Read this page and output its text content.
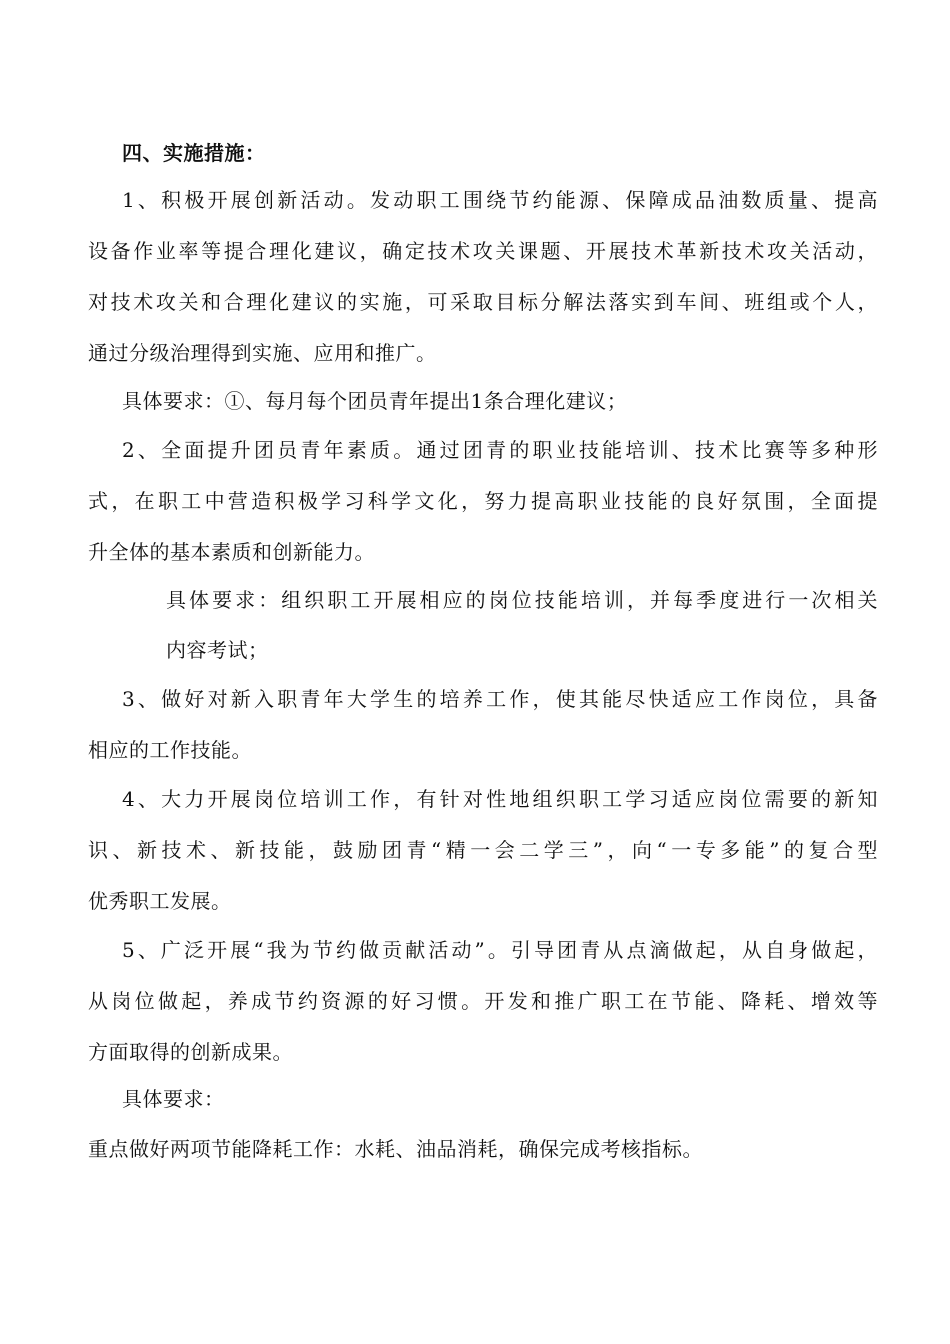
四、实施措施：
1、积极开展创新活动。发动职工围绕节约能源、保障成品油数质量、提高
设备作业率等提合理化建议，确定技术攻关课题、开展技术革新技术攻关活动，
对技术攻关和合理化建议的实施，可采取目标分解法落实到车间、班组或个人，
通过分级治理得到实施、应用和推广。
具体要求：①、每月每个团员青年提出1条合理化建议；
2、全面提升团员青年素质。通过团青的职业技能培训、技术比赛等多种形
式，在职工中营造积极学习科学文化，努力提高职业技能的良好氛围，全面提
升全体的基本素质和创新能力。
具体要求：组织职工开展相应的岗位技能培训，并每季度进行一次相关
内容考试；
3、做好对新入职青年大学生的培养工作，使其能尽快适应工作岗位，具备
相应的工作技能。
4、大力开展岗位培训工作，有针对性地组织职工学习适应岗位需要的新知
识、新技术、新技能，鼓励团青“精一会二学三”，向“一专多能”的复合型
优秀职工发展。
5、广泛开展“我为节约做贡献活动”。引导团青从点滴做起，从自身做起，
从岗位做起，养成节约资源的好习惯。开发和推广职工在节能、降耗、增效等
方面取得的创新成果。
具体要求：
重点做好两项节能降耗工作：水耗、油品消耗，确保完成考核指标。
